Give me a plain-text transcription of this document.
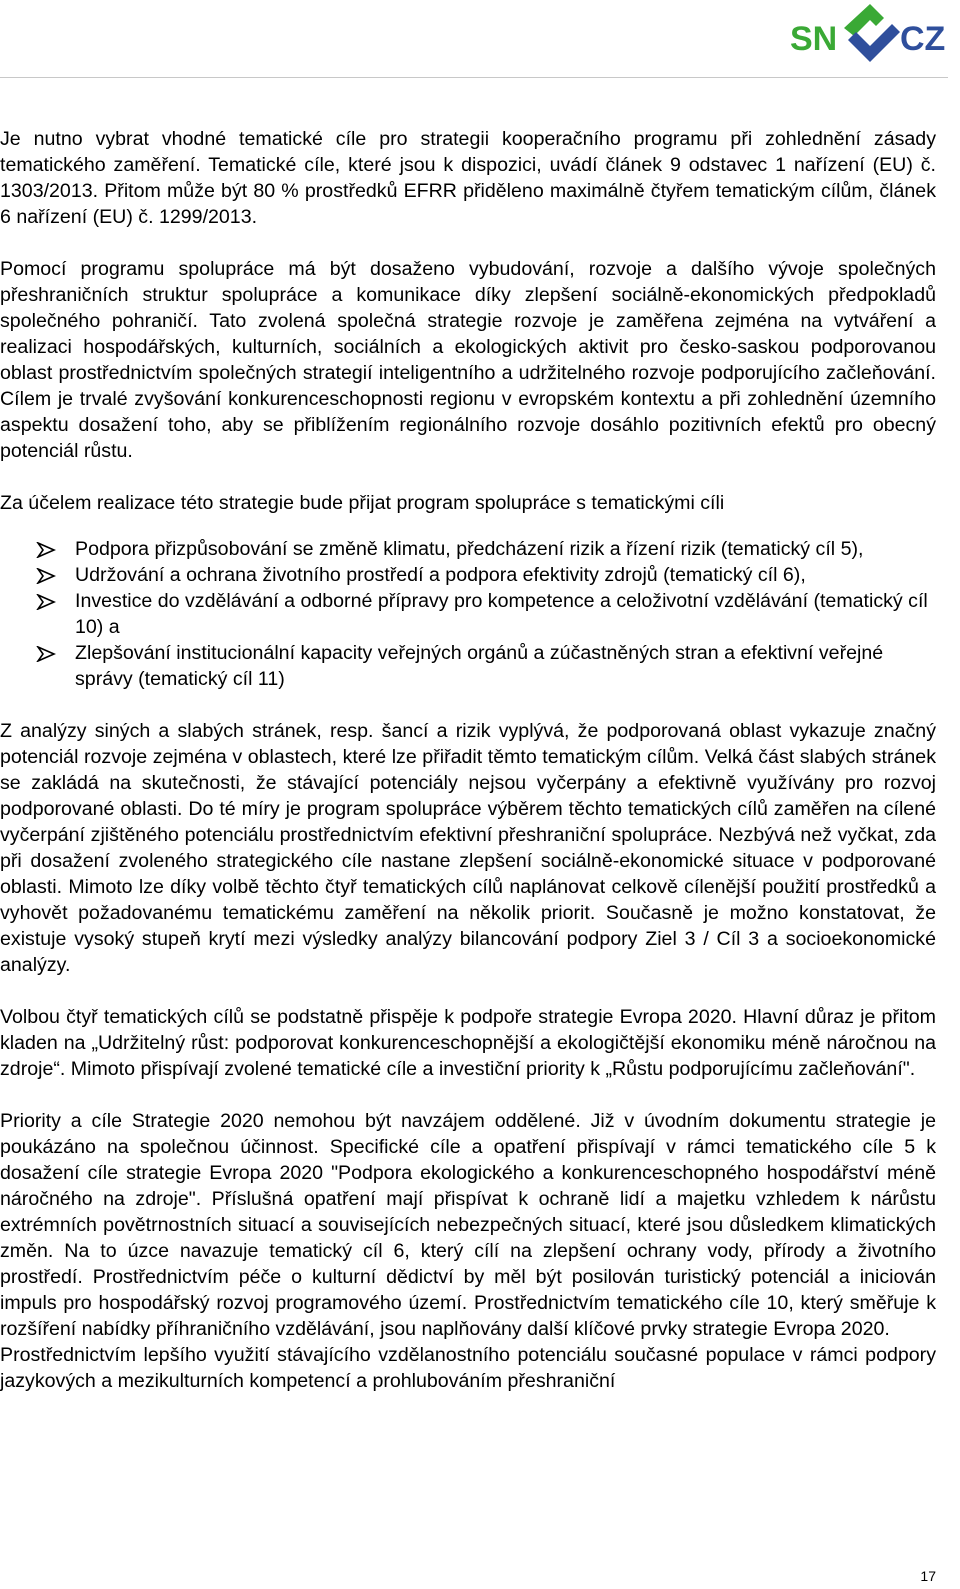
SN CZ

Je nutno vybrat vhodné tematické cíle pro strategii kooperačního programu při zohlednění zásady tematického zaměření. Tematické cíle, které jsou k dispozici, uvádí článek 9 odstavec 1 nařízení (EU) č. 1303/2013. Přitom může být 80 % prostředků EFRR přiděleno maximálně čtyřem tematickým cílům, článek 6 nařízení (EU) č. 1299/2013.

Pomocí programu spolupráce má být dosaženo vybudování, rozvoje a dalšího vývoje společných přeshraničních struktur spolupráce a komunikace díky zlepšení sociálně-ekonomických předpokladů společného pohraničí. Tato zvolená společná strategie rozvoje je zaměřena zejména na vytváření a realizaci hospodářských, kulturních, sociálních a ekologických aktivit pro česko-saskou podporovanou oblast prostřednictvím společných strategií inteligentního a udržitelného rozvoje podporujícího začleňování. Cílem je trvalé zvyšování konkurenceschopnosti regionu v evropském kontextu a při zohlednění územního aspektu dosažení toho, aby se přiblížením regionálního rozvoje dosáhlo pozitivních efektů pro obecný potenciál růstu.

Za účelem realizace této strategie bude přijat program spolupráce s tematickými cíli

Podpora přizpůsobování se změně klimatu, předcházení rizik a řízení rizik (tematický cíl 5),
Udržování a ochrana životního prostředí a podpora efektivity zdrojů (tematický cíl 6),
Investice do vzdělávání a odborné přípravy pro kompetence a celoživotní vzdělávání (tematický cíl 10) a
Zlepšování institucionální kapacity veřejných orgánů a zúčastněných stran a efektivní veřejné správy (tematický cíl 11)

Z analýzy siných a slabých stránek, resp. šancí a rizik vyplývá, že podporovaná oblast vykazuje značný potenciál rozvoje zejména v oblastech, které lze přiřadit těmto tematickým cílům. Velká část slabých stránek se zakládá na skutečnosti, že stávající potenciály nejsou vyčerpány a efektivně využívány pro rozvoj podporované oblasti. Do té míry je program spolupráce výběrem těchto tematických cílů zaměřen na cílené vyčerpání zjištěného potenciálu prostřednictvím efektivní přeshraniční spolupráce. Nezbývá než vyčkat, zda při dosažení zvoleného strategického cíle nastane zlepšení sociálně-ekonomické situace v podporované oblasti. Mimoto lze díky volbě těchto čtyř tematických cílů naplánovat celkově cílenější použití prostředků a vyhovět požadovanému tematickému zaměření na několik priorit. Současně je možno konstatovat, že existuje vysoký stupeň krytí mezi výsledky analýzy bilancování podpory Ziel 3 / Cíl 3 a socioekonomické analýzy.

Volbou čtyř tematických cílů se podstatně přispěje k podpoře strategie Evropa 2020. Hlavní důraz je přitom kladen na „Udržitelný růst: podporovat konkurenceschopnější a ekologičtější ekonomiku méně náročnou na zdroje“. Mimoto přispívají zvolené tematické cíle a investiční priority k „Růstu podporujícímu začleňování".

Priority a cíle Strategie 2020 nemohou být navzájem oddělené. Již v úvodním dokumentu strategie je poukázáno na společnou účinnost. Specifické cíle a opatření přispívají v rámci tematického cíle 5 k dosažení cíle strategie Evropa 2020 "Podpora ekologického a konkurenceschopného hospodářství méně náročného na zdroje". Příslušná opatření mají přispívat k ochraně lidí a majetku vzhledem k nárůstu extrémních povětrnostních situací a souvisejících nebezpečných situací, které jsou důsledkem klimatických změn. Na to úzce navazuje tematický cíl 6, který cílí na zlepšení ochrany vody, přírody a životního prostředí. Prostřednictvím péče o kulturní dědictví by měl být posilován turistický potenciál a iniciován impuls pro hospodářský rozvoj programového území. Prostřednictvím tematického cíle 10, který směřuje k rozšíření nabídky příhraničního vzdělávání, jsou naplňovány další klíčové prvky strategie Evropa 2020.

Prostřednictvím lepšího využití stávajícího vzdělanostního potenciálu současné populace v rámci podpory jazykových a mezikulturních kompetencí a prohlubováním přeshraniční

17
